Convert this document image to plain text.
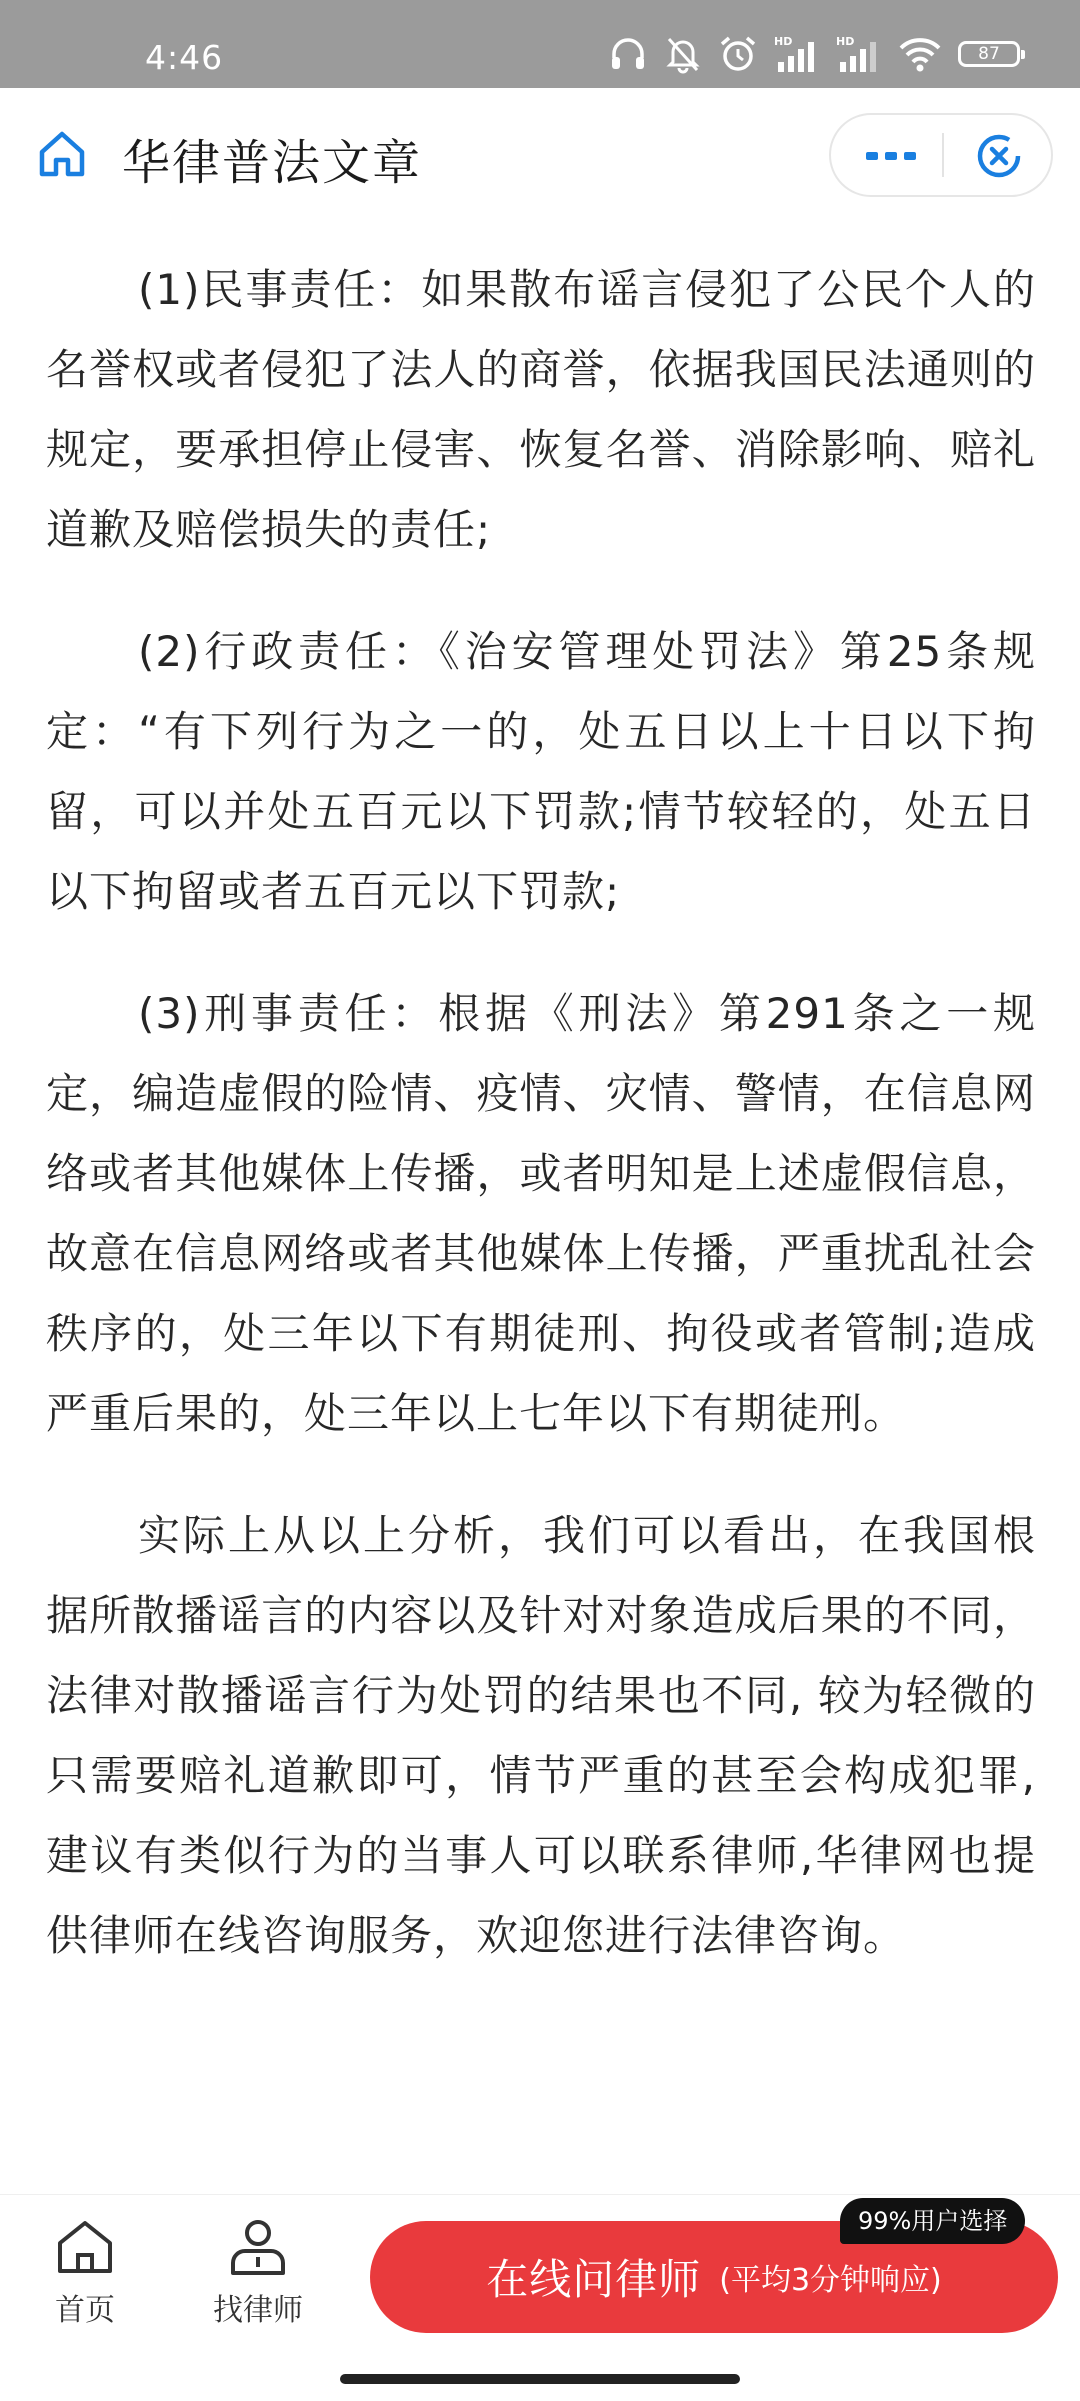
4:46	HD	HD
87
华律普法文章

(1)民事责任：如果散布谣言侵犯了公民个人的名誉权或者侵犯了法人的商誉，依据我国民法通则的规定，要承担停止侵害、恢复名誉、消除影响、赔礼道歉及赔偿损失的责任;

(2)行政责任：《治安管理处罚法》第25条规定：“有下列行为之一的，处五日以上十日以下拘留，可以并处五百元以下罚款;情节较轻的，处五日以下拘留或者五百元以下罚款;

(3)刑事责任：根据《刑法》第291条之一规定，编造虚假的险情、疫情、灾情、警情，在信息网络或者其他媒体上传播，或者明知是上述虚假信息，故意在信息网络或者其他媒体上传播，严重扰乱社会秩序的，处三年以下有期徒刑、拘役或者管制;造成严重后果的，处三年以上七年以下有期徒刑。

实际上从以上分析，我们可以看出，在我国根据所散播谣言的内容以及针对对象造成后果的不同，法律对散播谣言行为处罚的结果也不同, 较为轻微的只需要赔礼道歉即可，情节严重的甚至会构成犯罪, 建议有类似行为的当事人可以联系律师,华律网也提供律师在线咨询服务，欢迎您进行法律咨询。

首页	找律师
在线问律师 (平均3分钟响应)
99%用户选择
